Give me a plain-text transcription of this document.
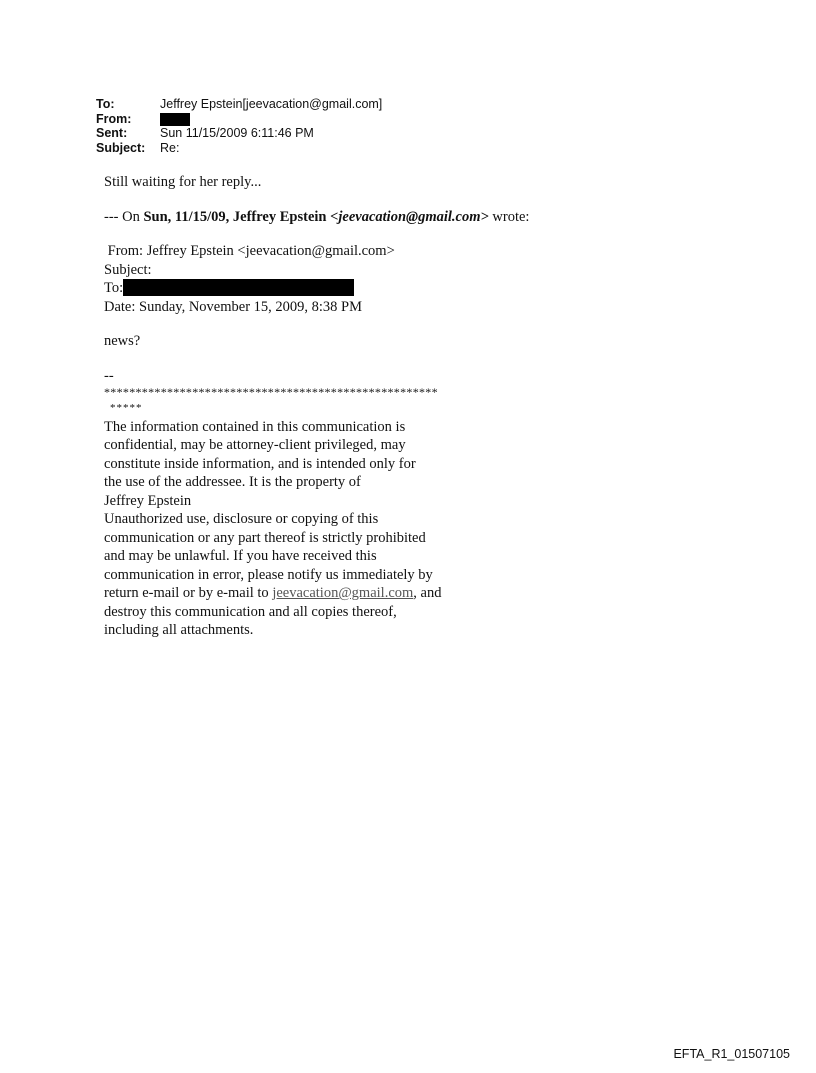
To:	Jeffrey Epstein[jeevacation@gmail.com]
From:
Sent:	Sun 11/15/2009 6:11:46 PM
Subject:	Re:
Still waiting for her reply...
--- On Sun, 11/15/09, Jeffrey Epstein <jeevacation@gmail.com> wrote:
From: Jeffrey Epstein <jeevacation@gmail.com>
Subject:
To:
Date: Sunday, November 15, 2009, 8:38 PM
news?
--
*****************************************************
*****
The information contained in this communication is
confidential, may be attorney-client privileged, may
constitute inside information, and is intended only for
the use of the addressee. It is the property of
Jeffrey Epstein
Unauthorized use, disclosure or copying of this
communication or any part thereof is strictly prohibited
and may be unlawful. If you have received this
communication in error, please notify us immediately by
return e-mail or by e-mail to jeevacation@gmail.com, and
destroy this communication and all copies thereof,
including all attachments.
EFTA_R1_01507105
